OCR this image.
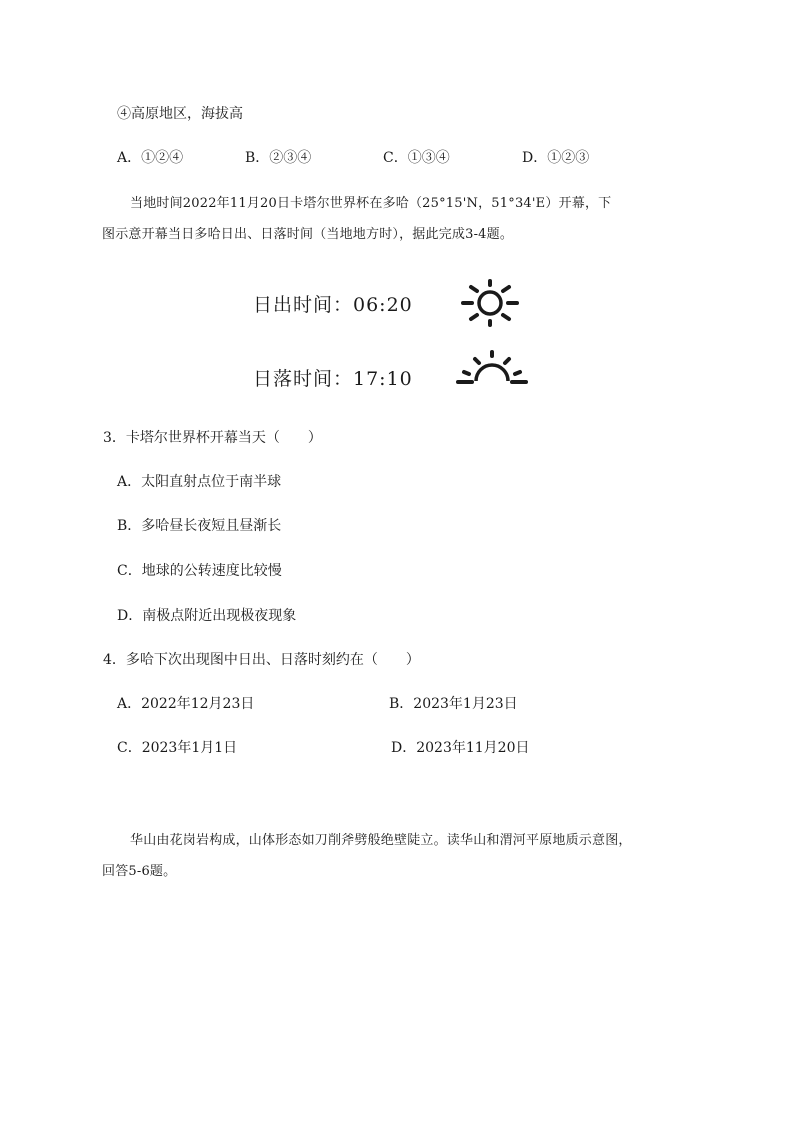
④高原地区，海拔高
A．①②④	B．②③④	C．①③④	D．①②③
当地时间2022年11月20日卡塔尔世界杯在多哈（25°15'N，51°34'E）开幕，下
图示意开幕当日多哈日出、日落时间（当地地方时），据此完成3-4题。
日出时间：06:20
日落时间：17:10
3．卡塔尔世界杯开幕当天（　　）
A．太阳直射点位于南半球
B．多哈昼长夜短且昼渐长
C．地球的公转速度比较慢
D．南极点附近出现极夜现象
4．多哈下次出现图中日出、日落时刻约在（　　）
A．2022年12月23日	B．2023年1月23日
C．2023年1月1日	D．2023年11月20日
华山由花岗岩构成，山体形态如刀削斧劈般绝壁陡立。读华山和渭河平原地质示意图，
回答5-6题。
